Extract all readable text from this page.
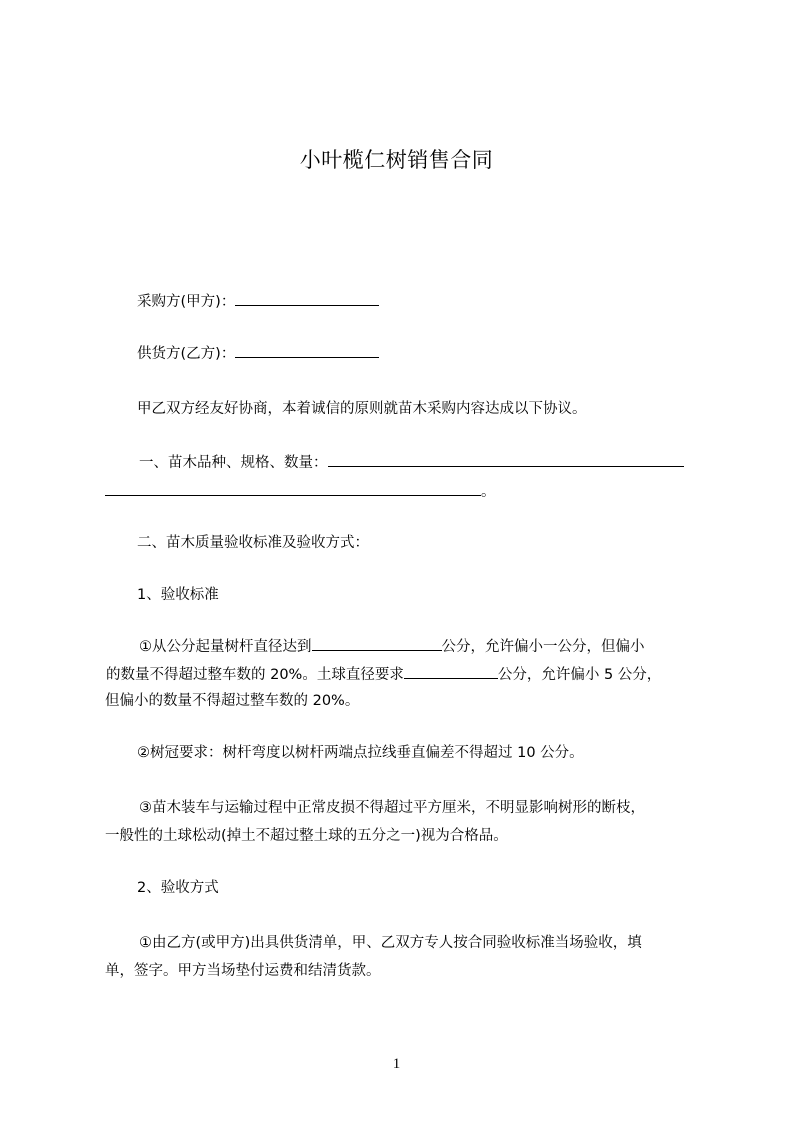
小叶榄仁树销售合同
采购方(甲方)：
供货方(乙方)：
甲乙双方经友好协商，本着诚信的原则就苗木采购内容达成以下协议。
一、苗木品种、规格、数量：
。
二、苗木质量验收标准及验收方式：
1、验收标准
①从公分起量树杆直径达到	公分，允许偏小一公分，但偏小
的数量不得超过整车数的 20%。土球直径要求	公分，允许偏小 5 公分，
但偏小的数量不得超过整车数的 20%。
②树冠要求：树杆弯度以树杆两端点拉线垂直偏差不得超过 10 公分。
③苗木装车与运输过程中正常皮损不得超过平方厘米，不明显影响树形的断枝，
一般性的土球松动(掉土不超过整土球的五分之一)视为合格品。
2、验收方式
①由乙方(或甲方)出具供货清单，甲、乙双方专人按合同验收标准当场验收，填
单，签字。甲方当场垫付运费和结清货款。
1
